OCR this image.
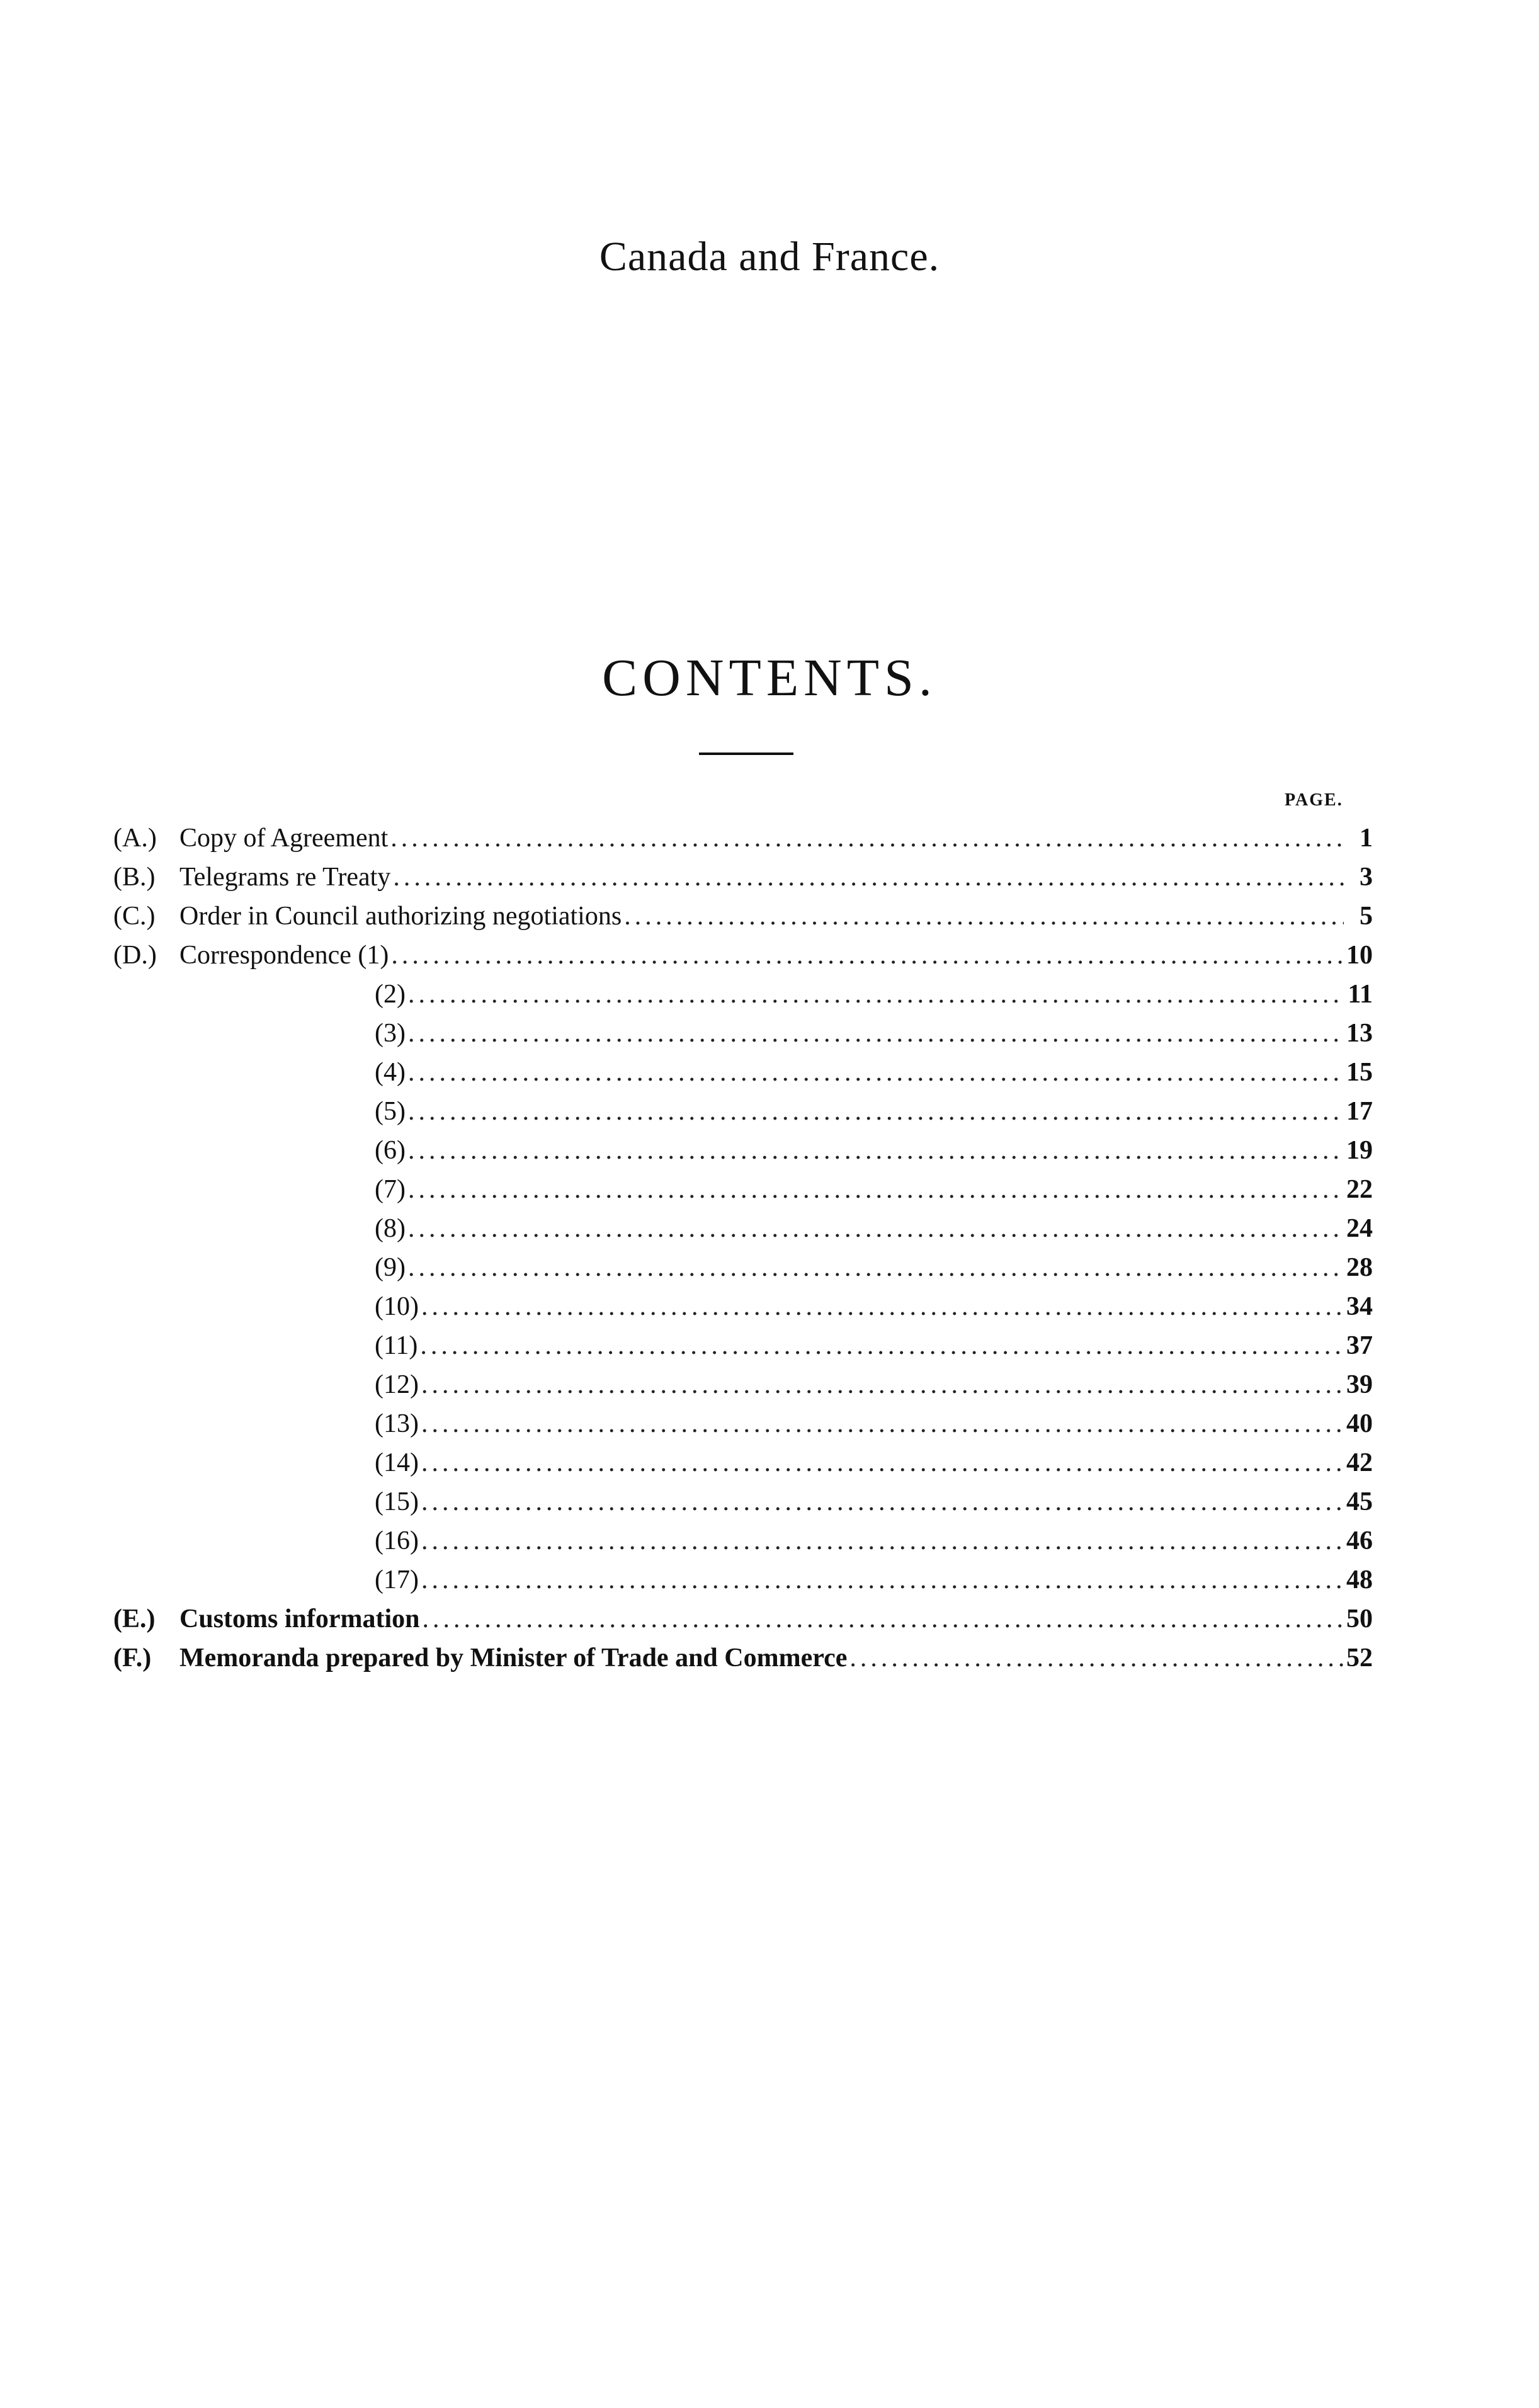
Canada and France.
CONTENTS.
PAGE.
(A.) Copy of Agreement .....	1
(B.) Telegrams re Treaty .....	3
(C.) Order in Council authorizing negotiations .....	5
(D.) Correspondence (1) .....	10
(2) .....	11
(3) .....	13
(4) .....	15
(5) .....	17
(6) .....	19
(7) .....	22
(8) .....	24
(9) .....	28
(10) .....	34
(11) .....	37
(12) .....	39
(13) .....	40
(14) .....	42
(15) .....	45
(16) .....	46
(17) .....	48
(E.) Customs information .....	50
(F.)	Memoranda prepared by Minister of Trade and Commerce .....	52
